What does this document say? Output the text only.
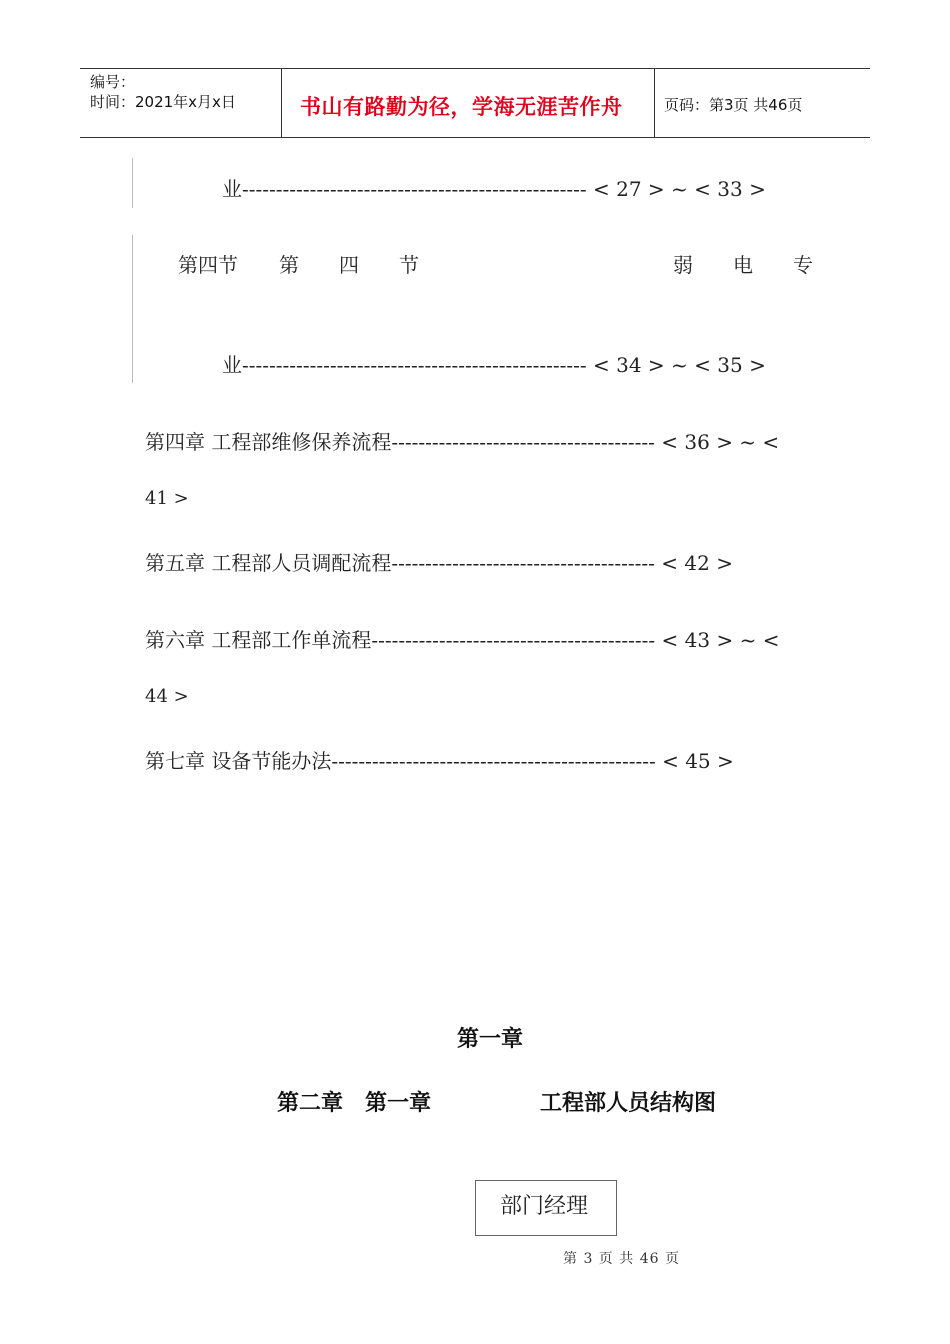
编号：
时间：2021年x月x日	书山有路勤为径，学海无涯苦作舟	页码：第3页 共46页
业--------------------------------------------------- < 27 > ~ < 33 >
第四节 第　　四　　节	弱　　电　　专
业--------------------------------------------------- < 34 > ~ < 35 >
第四章 工程部维修保养流程--------------------------------------- < 36 > ~ <
41 >
第五章 工程部人员调配流程--------------------------------------- < 42 >
第六章 工程部工作单流程------------------------------------------ < 43 > ~ <
44 >
第七章 设备节能办法------------------------------------------------ < 45 >
第一章
第二章　第一章	工程部人员结构图
部门经理
第 3 页 共 46 页
